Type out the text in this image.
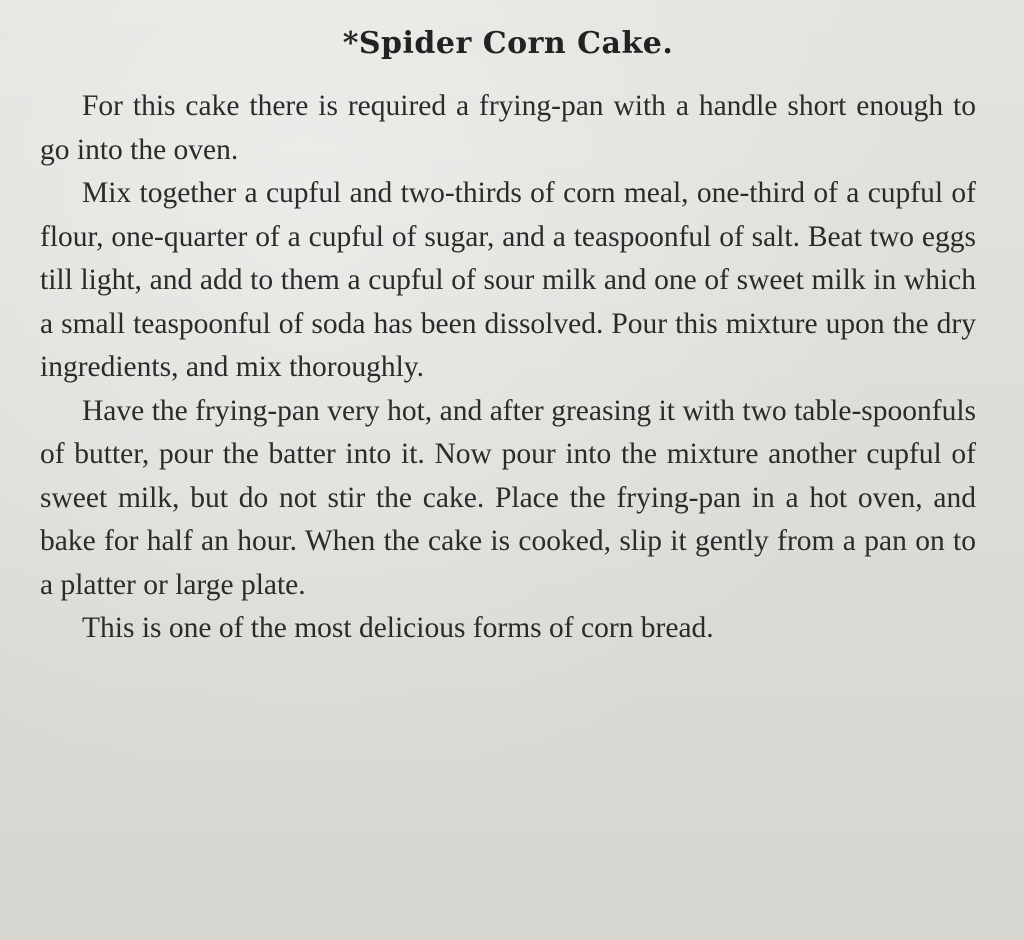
*Spider Corn Cake.

For this cake there is required a frying-pan with a handle short enough to go into the oven.

Mix together a cupful and two-thirds of corn meal, one-third of a cupful of flour, one-quarter of a cupful of sugar, and a teaspoonful of salt. Beat two eggs till light, and add to them a cupful of sour milk and one of sweet milk in which a small teaspoonful of soda has been dissolved. Pour this mixture upon the dry ingredients, and mix thoroughly.

Have the frying-pan very hot, and after greasing it with two table-spoonfuls of butter, pour the batter into it. Now pour into the mixture another cupful of sweet milk, but do not stir the cake. Place the frying-pan in a hot oven, and bake for half an hour. When the cake is cooked, slip it gently from a pan on to a platter or large plate.

This is one of the most delicious forms of corn bread.
